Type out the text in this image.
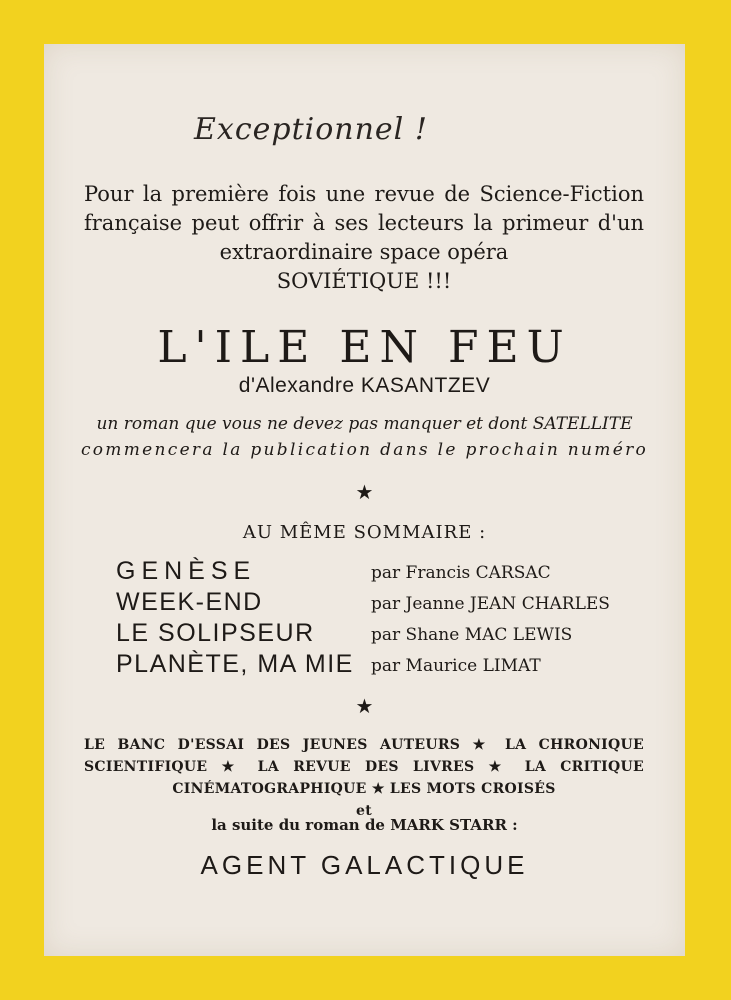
Exceptionnel !
Pour la première fois une revue de Science-Fiction française peut offrir à ses lecteurs la primeur d'un extraordinaire space opéra
SOVIÉTIQUE !!!
L'ILE EN FEU
d'Alexandre KASANTZEV
un roman que vous ne devez pas manquer et dont SATELLITE
commencera la publication dans le prochain numéro
★
AU MÊME SOMMAIRE :
GENÈSE	par Francis CARSAC
WEEK-END	par Jeanne JEAN CHARLES
LE SOLIPSEUR	par Shane MAC LEWIS
PLANÈTE, MA MIE par Maurice LIMAT
★
LE BANC D'ESSAI DES JEUNES AUTEURS ★ LA CHRONIQUE
SCIENTIFIQUE ★ LA REVUE DES LIVRES ★ LA CRITIQUE
CINÉMATOGRAPHIQUE ★ LES MOTS CROISÉS
et
la suite du roman de MARK STARR :
AGENT GALACTIQUE
